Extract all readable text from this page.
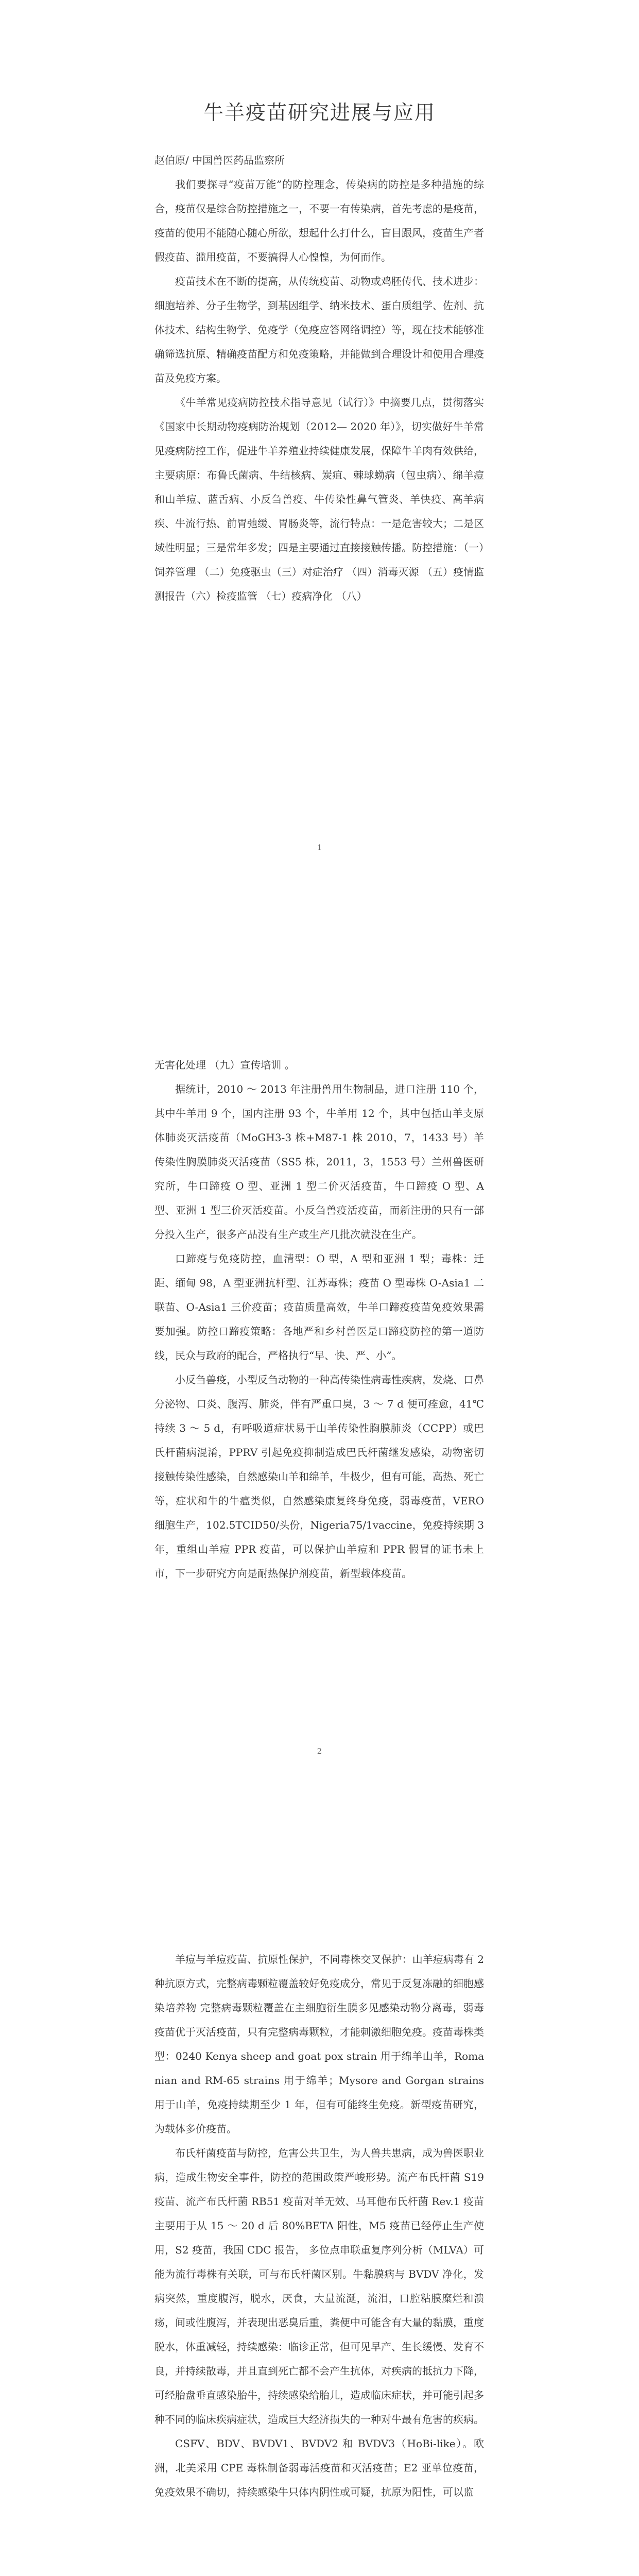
牛羊疫苗研究进展与应用

赵伯原/ 中国兽医药品监察所

我们要探寻“疫苗万能”的防控理念，传染病的防控是多种措施的综合，疫苗仅是综合防控措施之一，不要一有传染病，首先考虑的是疫苗，疫苗的使用不能随心随心所欲，想起什么打什么，盲目跟风，疫苗生产者假疫苗、滥用疫苗，不要搞得人心惶惶，为何而作。

疫苗技术在不断的提高，从传统疫苗、动物或鸡胚传代、技术进步：细胞培养、分子生物学，到基因组学、纳米技术、蛋白质组学、佐剂、抗体技术、结构生物学、免疫学（免疫应答网络调控）等，现在技术能够准确筛选抗原、精确疫苗配方和免疫策略，并能做到合理设计和使用合理疫苗及免疫方案。

《牛羊常见疫病防控技术指导意见（试行）》中摘要几点，贯彻落实《国家中长期动物疫病防治规划（2012— 2020 年）》，切实做好牛羊常见疫病防控工作，促进牛羊养殖业持续健康发展，保障牛羊肉有效供给，主要病原：布鲁氏菌病、牛结核病、炭疽、棘球蚴病（包虫病）、绵羊痘和山羊痘、蓝舌病、小反刍兽疫、牛传染性鼻气管炎、羊快疫、高羊病疾、牛流行热、前胃弛缓、胃肠炎等，流行特点：一是危害较大；二是区域性明显；三是常年多发；四是主要通过直接接触传播。防控措施：（一）饲养管理 （二）免疫驱虫（三）对症治疗 （四）消毒灭源 （五）疫情监测报告（六）检疫监管 （七）疫病净化 （八）

1

无害化处理 （九）宣传培训 。

据统计，2010 ～ 2013 年注册兽用生物制品，进口注册 110 个，其中牛羊用 9 个，国内注册 93 个，牛羊用 12 个，其中包括山羊支原体肺炎灭活疫苗（MoGH3-3 株+M87-1 株 2010，7，1433 号）羊传染性胸膜肺炎灭活疫苗（SS5 株，2011，3，1553 号）兰州兽医研究所，牛口蹄疫 O 型、亚洲 1 型二价灭活疫苗，牛口蹄疫 O 型、A 型、亚洲 1 型三价灭活疫苗。小反刍兽疫活疫苗，而新注册的只有一部分投入生产，很多产品没有生产或生产几批次就没在生产。

口蹄疫与免疫防控，血清型：O 型，A 型和亚洲 1 型；毒株：迁距、缅甸 98，A 型亚洲抗杆型、江苏毒株；疫苗 O 型毒株 O-Asia1 二联苗、O-Asia1 三价疫苗；疫苗质量高效，牛羊口蹄疫疫苗免疫效果需要加强。防控口蹄疫策略：各地严和乡村兽医是口蹄疫防控的第一道防线，民众与政府的配合，严格执行“早、快、严、小”。

小反刍兽疫，小型反刍动物的一种高传染性病毒性疾病，发烧、口鼻分泌物、口炎、腹泻、肺炎，伴有严重口臭，3 ～ 7 d 便可痊愈，41℃ 持续 3 ～ 5 d，有呼吸道症状易于山羊传染性胸膜肺炎（CCPP）或巴氏杆菌病混淆，PPRV 引起免疫抑制造成巴氏杆菌继发感染，动物密切接触传染性感染，自然感染山羊和绵羊，牛极少，但有可能，高热、死亡等，症状和牛的牛瘟类似，自然感染康复终身免疫，弱毒疫苗，VERO 细胞生产，102.5TCID50/头份，Nigeria75/1vaccine，免疫持续期 3 年，重组山羊痘 PPR 疫苗，可以保护山羊痘和 PPR 假冒的证书未上市，下一步研究方向是耐热保护剂疫苗，新型载体疫苗。

2

羊痘与羊痘疫苗、抗原性保护，不同毒株交叉保护：山羊痘病毒有 2 种抗原方式，完整病毒颗粒覆盖较好免疫成分，常见于反复冻融的细胞感染培养物 完整病毒颗粒覆盖在主细胞衍生膜多见感染动物分离毒，弱毒疫苗优于灭活疫苗，只有完整病毒颗粒，才能刺激细胞免疫。疫苗毒株类型：0240 Kenya sheep and goat pox strain 用于绵羊山羊，Romanian and RM-65 strains 用于绵羊；Mysore and Gorgan strains 用于山羊，免疫持续期至少 1 年，但有可能终生免疫。新型疫苗研究，为载体多价疫苗。

布氏杆菌疫苗与防控，危害公共卫生，为人兽共患病，成为兽医职业病，造成生物安全事件，防控的范围政策严峻形势。流产布氏杆菌 S19 疫苗、流产布氏杆菌 RB51 疫苗对羊无效、马耳他布氏杆菌 Rev.1 疫苗主要用于从 15 ～ 20 d 后 80%BETA 阳性，M5 疫苗已经停止生产使用，S2 疫苗，我国 CDC 报告， 多位点串联重复序列分析（MLVA）可能为流行毒株有关联，可与布氏杆菌区别。牛黏膜病与 BVDV 净化，发病突然，重度腹泻，脱水，厌食，大量流涎，流泪，口腔粘膜糜烂和溃疡，间或性腹泻，并表现出恶臭后重，粪便中可能含有大量的黏膜，重度脱水，体重减轻，持续感染：临诊正常，但可见早产、生长缓慢、发育不良，并持续散毒，并且直到死亡都不会产生抗体，对疾病的抵抗力下降，可经胎盘垂直感染胎牛，持续感染给胎儿，造成临床症状，并可能引起多种不同的临床疾病症状，造成巨大经济损失的一种对牛最有危害的疾病。

CSFV、BDV、BVDV1、BVDV2 和 BVDV3（HoBi-like）。欧洲，北美采用 CPE 毒株制备弱毒活疫苗和灭活疫苗；E2 亚单位疫苗，免疫效果不确切，持续感染牛只体内阴性或可疑，抗原为阳性，可以监
